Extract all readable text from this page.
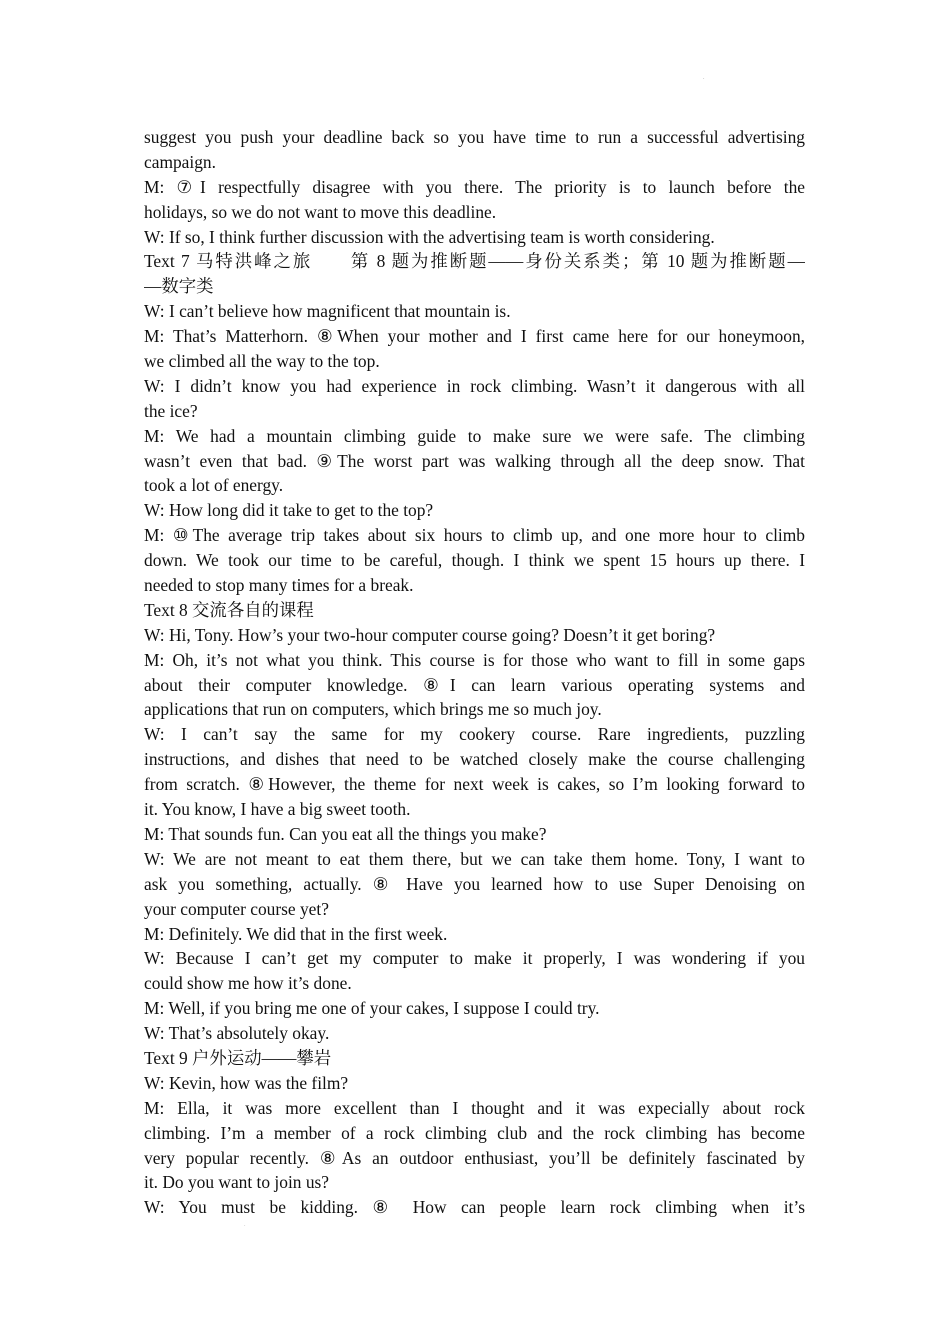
.
suggest you push your deadline back so you have time to run a successful advertising
campaign.
M: ⑦I respectfully disagree with you there. The priority is to launch before the
holidays, so we do not want to move this deadline.
W: If so, I think further discussion with the advertising team is worth considering.
Text 7 马特洪峰之旅　　第 8 题为推断题——身份关系类；第 10 题为推断题—
—数字类
W: I can’t believe how magnificent that mountain is.
M: That’s Matterhorn. ⑧When your mother and I first came here for our honeymoon,
we climbed all the way to the top.
W: I didn’t know you had experience in rock climbing. Wasn’t it dangerous with all
the ice?
M: We had a mountain climbing guide to make sure we were safe. The climbing
wasn’t even that bad. ⑨The worst part was walking through all the deep snow. That
took a lot of energy.
W: How long did it take to get to the top?
M: ⑩The average trip takes about six hours to climb up, and one more hour to climb
down. We took our time to be careful, though. I think we spent 15 hours up there. I
needed to stop many times for a break.
Text 8 交流各自的课程
W: Hi, Tony. How’s your two-hour computer course going? Doesn’t it get boring?
M: Oh, it’s not what you think. This course is for those who want to fill in some gaps
about their computer knowledge. ⑧I can learn various operating systems and
applications that run on computers, which brings me so much joy.
W: I can’t say the same for my cookery course. Rare ingredients, puzzling
instructions, and dishes that need to be watched closely make the course challenging
from scratch. ⑧However, the theme for next week is cakes, so I’m looking forward to
it. You know, I have a big sweet tooth.
M: That sounds fun. Can you eat all the things you make?
W: We are not meant to eat them there, but we can take them home. Tony, I want to
ask you something, actually. ⑧ Have you learned how to use Super Denoising on
your computer course yet?
M: Definitely. We did that in the first week.
W: Because I can’t get my computer to make it properly, I was wondering if you
could show me how it’s done.
M: Well, if you bring me one of your cakes, I suppose I could try.
W: That’s absolutely okay.
Text 9 户外运动——攀岩
W: Kevin, how was the film?
M: Ella, it was more excellent than I thought and it was expecially about rock
climbing. I’m a member of a rock climbing club and the rock climbing has become
very popular recently. ⑧As an outdoor enthusiast, you’ll be definitely fascinated by
it. Do you want to join us?
W: You must be kidding. ⑧ How can people learn rock climbing when it’s
.
